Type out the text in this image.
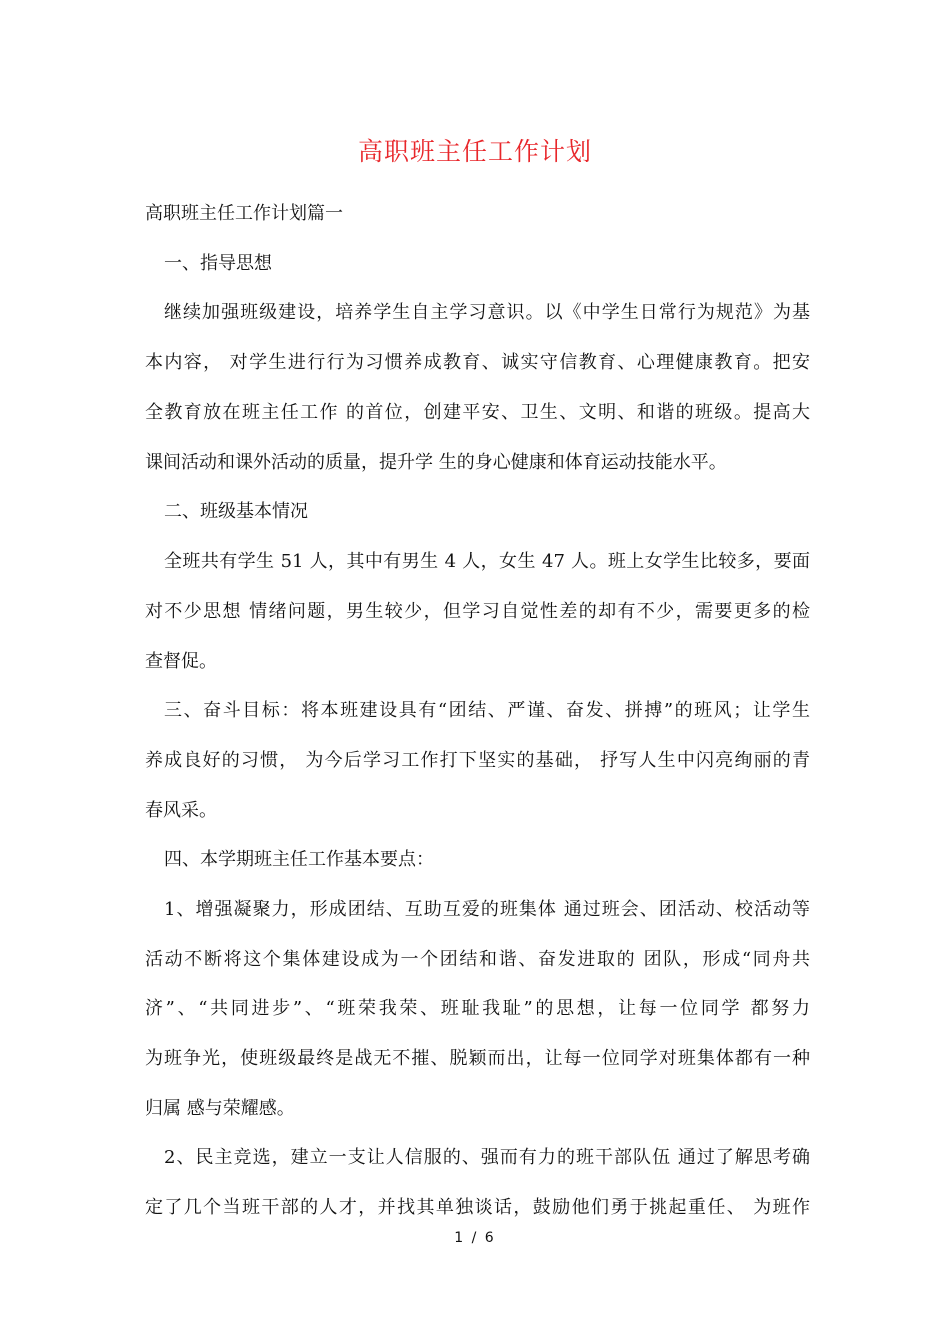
高职班主任工作计划
高职班主任工作计划篇一
一、指导思想
继续加强班级建设，培养学生自主学习意识。以《中学生日常行为规范》为基
本内容， 对学生进行行为习惯养成教育、诚实守信教育、心理健康教育。把安
全教育放在班主任工作 的首位，创建平安、卫生、文明、和谐的班级。提高大
课间活动和课外活动的质量，提升学 生的身心健康和体育运动技能水平。
二、班级基本情况
全班共有学生 51 人，其中有男生 4 人，女生 47 人。班上女学生比较多，要面
对不少思想 情绪问题，男生较少，但学习自觉性差的却有不少，需要更多的检
查督促。
三、奋斗目标：将本班建设具有“团结、严谨、奋发、拼搏”的班风；让学生
养成良好的习惯， 为今后学习工作打下坚实的基础， 抒写人生中闪亮绚丽的青
春风采。
四、本学期班主任工作基本要点：
1、增强凝聚力，形成团结、互助互爱的班集体 通过班会、团活动、校活动等
活动不断将这个集体建设成为一个团结和谐、奋发进取的 团队，形成“同舟共
济”、“共同进步”、“班荣我荣、班耻我耻”的思想，让每一位同学 都努力
为班争光，使班级最终是战无不摧、脱颖而出，让每一位同学对班集体都有一种
归属 感与荣耀感。
2、民主竞选，建立一支让人信服的、强而有力的班干部队伍 通过了解思考确
定了几个当班干部的人才，并找其单独谈话，鼓励他们勇于挑起重任、 为班作
1 / 6
